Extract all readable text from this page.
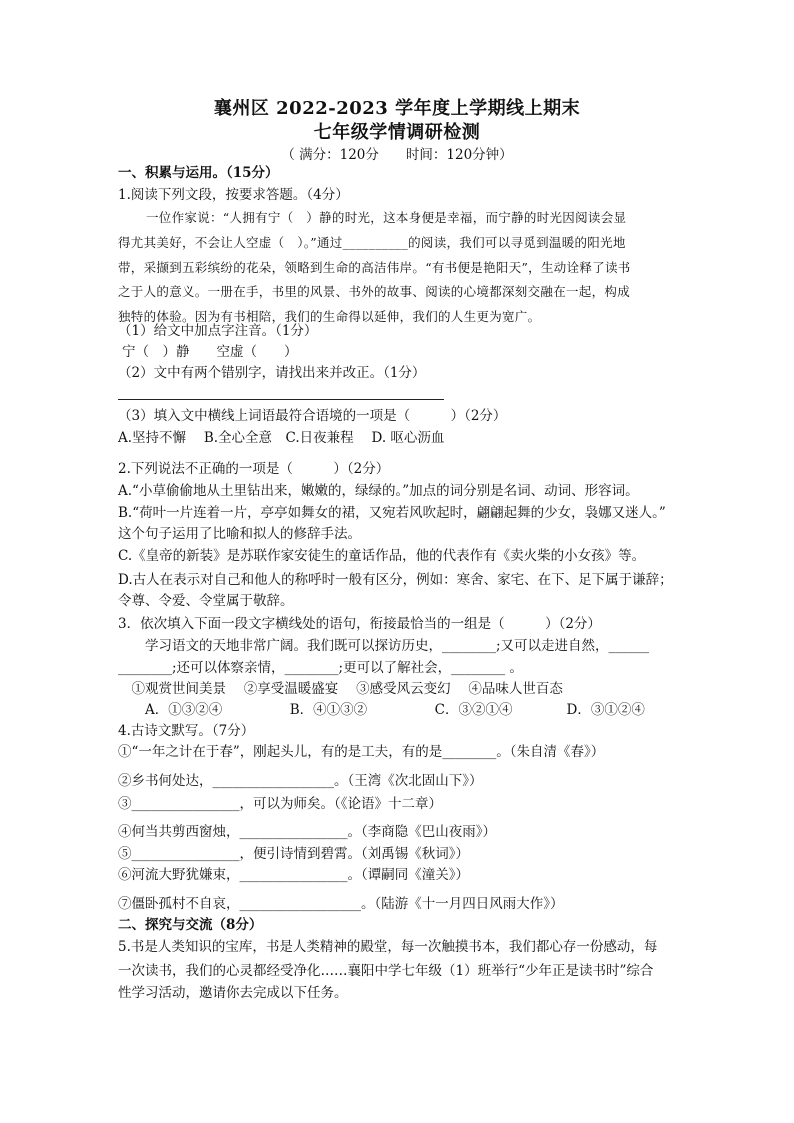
襄州区 2022-2023 学年度上学期线上期末
七年级学情调研检测
（ 满分：120分　　时间：120分钟）
一、积累与运用。（15分）
1.阅读下列文段，按要求答题。（4分）
一位作家说：“人拥有宁（　）静的时光，这本身便是幸福，而宁静的时光因阅读会显
得尤其美好，不会让人空虚（　）。”通过__________的阅读，我们可以寻觅到温暖的阳光地
带，采撷到五彩缤纷的花朵，领略到生命的高洁伟岸。“有书便是艳阳天”，生动诠释了读书
之于人的意义。一册在手，书里的风景、书外的故事、阅读的心境都深刻交融在一起，构成
独特的体验。因为有书相陪，我们的生命得以延伸，我们的人生更为宽广。
（1）给文中加点字注音。（1分）
宁（　）静　　空虚（　　）
（2）文中有两个错别字，请找出来并改正。（1分）
（3）填入文中横线上词语最符合语境的一项是（　　　）（2分）
A.坚持不懈　 B.全心全意　C.日夜兼程　 D. 呕心沥血
2.下列说法不正确的一项是（　　　）（2分）
A.“小草偷偷地从土里钻出来，嫩嫩的，绿绿的。”加点的词分别是名词、动词、形容词。
B.“荷叶一片连着一片，亭亭如舞女的裙，又宛若风吹起时，翩翩起舞的少女，袅娜又迷人。”
这个句子运用了比喻和拟人的修辞手法。
C.《皇帝的新装》是苏联作家安徒生的童话作品，他的代表作有《卖火柴的小女孩》等。
D.古人在表示对自己和他人的称呼时一般有区分，例如：寒舍、家宅、在下、足下属于谦辞；
令尊、令爱、令堂属于敬辞。
3．依次填入下面一段文字横线处的语句，衔接最恰当的一组是（　　　）（2分）
　　学习语文的天地非常广阔。我们既可以探访历史，________;又可以走进自然，______
________;还可以体察亲情，________;更可以了解社会，________ 。
　①观赏世间美景　 ②享受温暖盛宴　 ③感受风云变幻　 ④品味人世百态
　　A．①③②④　　　　　B．④①③②　　　　　C．③②①④　　　　D．③①②④
4.古诗文默写。（7分）
①“一年之计在于春”，刚起头儿，有的是工夫，有的是________。（朱自清《春》）
②乡书何处达，__________________。（王湾《次北固山下》）
③________________，可以为师矣。（《论语》十二章）
④何当共剪西窗烛，________________。（李商隐《巴山夜雨》）
⑤________________，便引诗情到碧霄。（刘禹锡《秋词》）
⑥河流大野犹嫌束，________________。（谭嗣同《潼关》）
⑦僵卧孤村不自哀，__________________。（陆游《十一月四日风雨大作》）
二、探究与交流（8分）
5.书是人类知识的宝库，书是人类精神的殿堂，每一次触摸书本，我们都心存一份感动，每
一次读书，我们的心灵都经受净化……襄阳中学七年级（1）班举行“少年正是读书时”综合
性学习活动，邀请你去完成以下任务。
